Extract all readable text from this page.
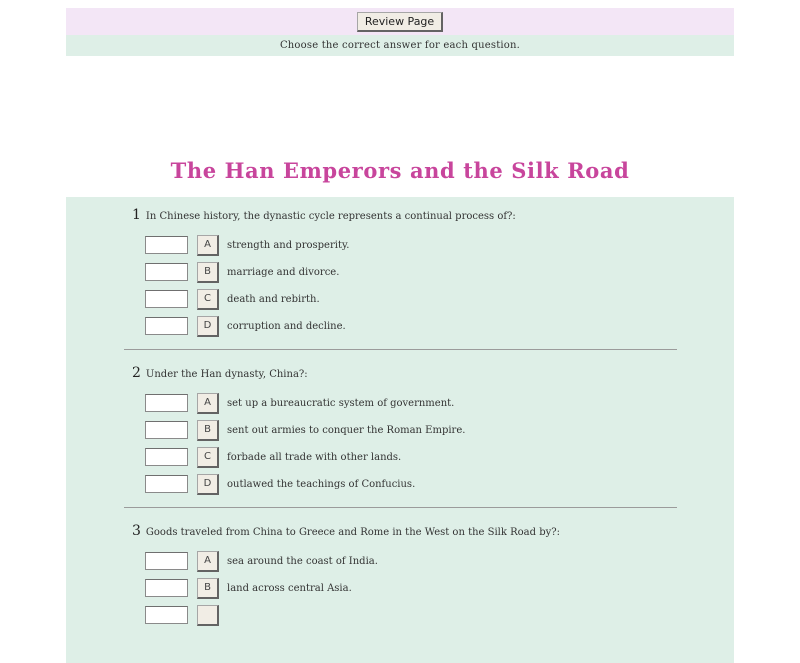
Review Page
Choose the correct answer for each question.
The Han Emperors and the Silk Road
1 In Chinese history, the dynastic cycle represents a continual process of?:
A	strength and prosperity.
B	marriage and divorce.
C	death and rebirth.
D	corruption and decline.
2 Under the Han dynasty, China?:
A	set up a bureaucratic system of government.
B	sent out armies to conquer the Roman Empire.
C	forbade all trade with other lands.
D	outlawed the teachings of Confucius.
3 Goods traveled from China to Greece and Rome in the West on the Silk Road by?:
A	sea around the coast of India.
B	land across central Asia.
